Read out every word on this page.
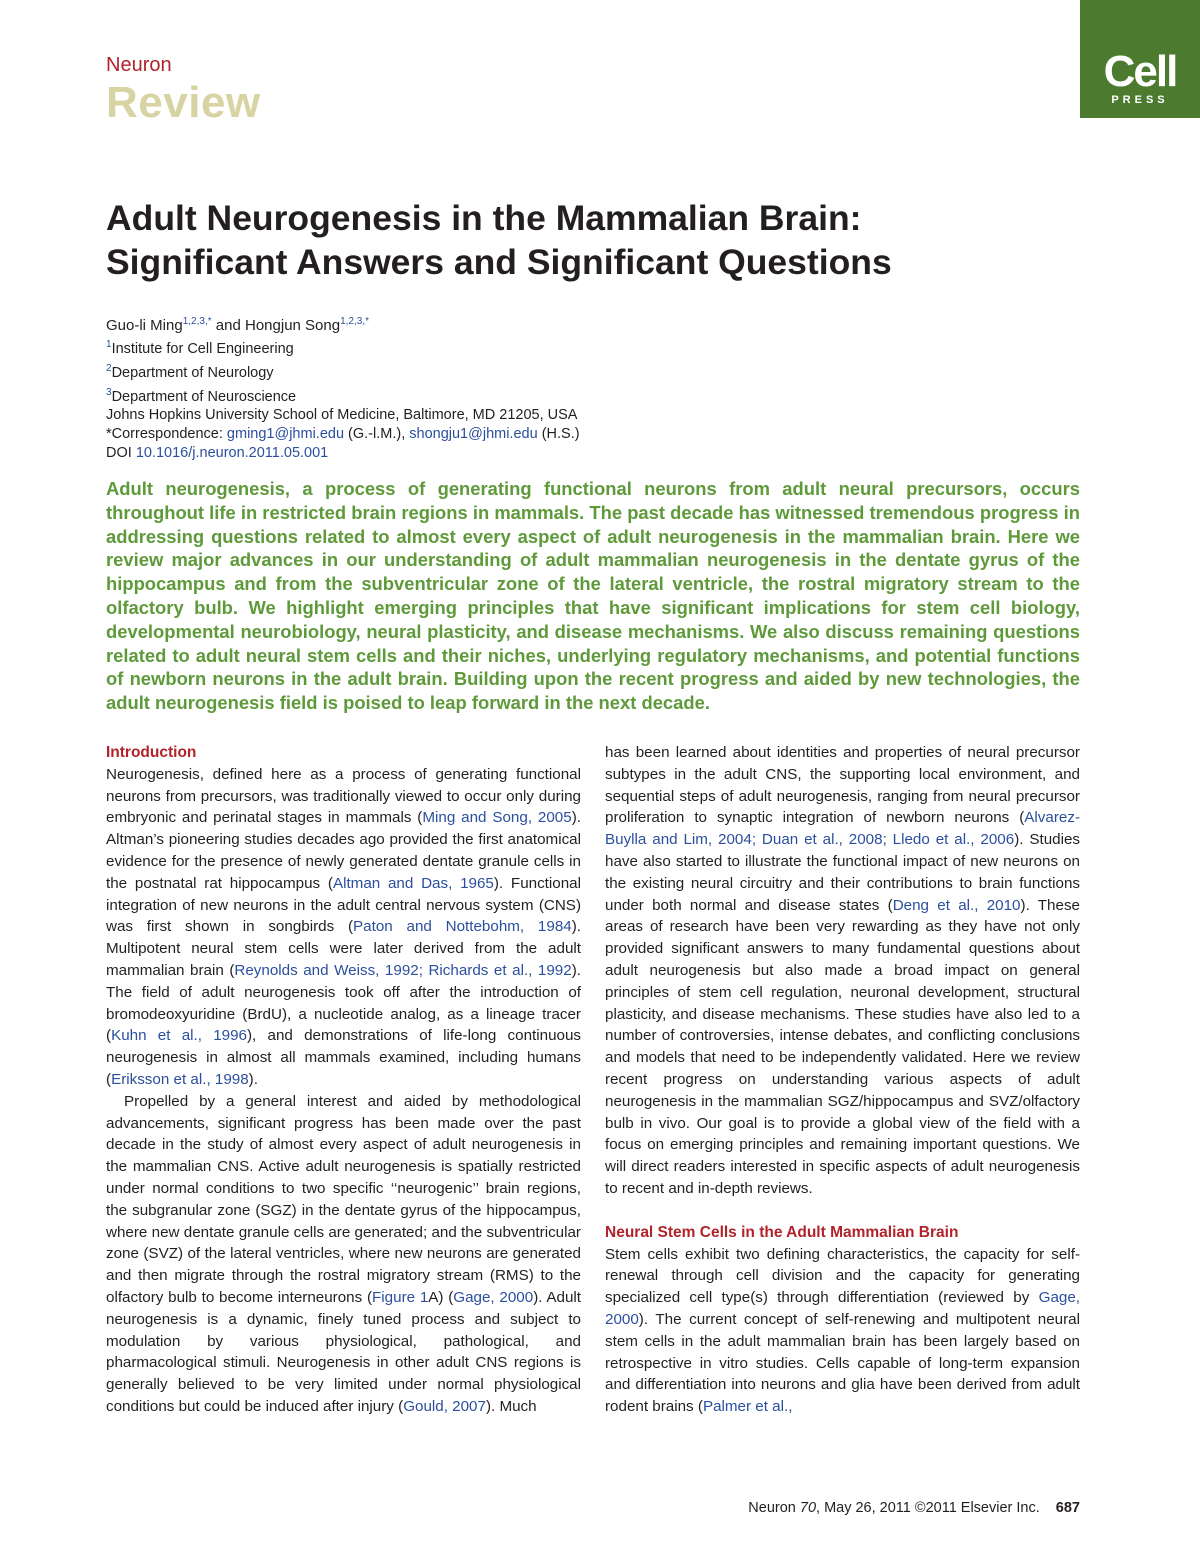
Neuron
Review
Cell
PRESS
Adult Neurogenesis in the Mammalian Brain:
Significant Answers and Significant Questions
Guo-li Ming$^{1,2,3,*}$ and Hongjun Song$^{1,2,3,*}$
$^1$Institute for Cell Engineering
$^2$Department of Neurology
$^3$Department of Neuroscience
Johns Hopkins University School of Medicine, Baltimore, MD 21205, USA
*Correspondence: gming1@jhmi.edu (G.-l.M.), shongju1@jhmi.edu (H.S.)
DOI 10.1016/j.neuron.2011.05.001

Adult neurogenesis, a process of generating functional neurons from adult neural precursors, occurs throughout life in restricted brain regions in mammals. The past decade has witnessed tremendous progress in addressing questions related to almost every aspect of adult neurogenesis in the mammalian brain. Here we review major advances in our understanding of adult mammalian neurogenesis in the dentate gyrus of the hippocampus and from the subventricular zone of the lateral ventricle, the rostral migratory stream to the olfactory bulb. We highlight emerging principles that have significant implications for stem cell biology, developmental neurobiology, neural plasticity, and disease mechanisms. We also discuss remaining questions related to adult neural stem cells and their niches, underlying regulatory mechanisms, and potential functions of newborn neurons in the adult brain. Building upon the recent progress and aided by new technologies, the adult neurogenesis field is poised to leap forward in the next decade.

Introduction

Neurogenesis, defined here as a process of generating functional neurons from precursors, was traditionally viewed to occur only during embryonic and perinatal stages in mammals (Ming and Song, 2005). Altman’s pioneering studies decades ago provided the first anatomical evidence for the presence of newly generated dentate granule cells in the postnatal rat hippocampus (Altman and Das, 1965). Functional integration of new neurons in the adult central nervous system (CNS) was first shown in songbirds (Paton and Nottebohm, 1984). Multipotent neural stem cells were later derived from the adult mammalian brain (Reynolds and Weiss, 1992; Richards et al., 1992). The field of adult neurogenesis took off after the introduction of bromodeoxyuridine (BrdU), a nucleotide analog, as a lineage tracer (Kuhn et al., 1996), and demonstrations of life-long continuous neurogenesis in almost all mammals examined, including humans (Eriksson et al., 1998).

Propelled by a general interest and aided by methodological advancements, significant progress has been made over the past decade in the study of almost every aspect of adult neurogenesis in the mammalian CNS. Active adult neurogenesis is spatially restricted under normal conditions to two specific ‘‘neurogenic’’ brain regions, the subgranular zone (SGZ) in the dentate gyrus of the hippocampus, where new dentate granule cells are generated; and the subventricular zone (SVZ) of the lateral ventricles, where new neurons are generated and then migrate through the rostral migratory stream (RMS) to the olfactory bulb to become interneurons (Figure 1A) (Gage, 2000). Adult neurogenesis is a dynamic, finely tuned process and subject to modulation by various physiological, pathological, and pharmacological stimuli. Neurogenesis in other adult CNS regions is generally believed to be very limited under normal physiological conditions but could be induced after injury (Gould, 2007). Much

has been learned about identities and properties of neural precursor subtypes in the adult CNS, the supporting local environment, and sequential steps of adult neurogenesis, ranging from neural precursor proliferation to synaptic integration of newborn neurons (Alvarez-Buylla and Lim, 2004; Duan et al., 2008; Lledo et al., 2006). Studies have also started to illustrate the functional impact of new neurons on the existing neural circuitry and their contributions to brain functions under both normal and disease states (Deng et al., 2010). These areas of research have been very rewarding as they have not only provided significant answers to many fundamental questions about adult neurogenesis but also made a broad impact on general principles of stem cell regulation, neuronal development, structural plasticity, and disease mechanisms. These studies have also led to a number of controversies, intense debates, and conflicting conclusions and models that need to be independently validated. Here we review recent progress on understanding various aspects of adult neurogenesis in the mammalian SGZ/hippocampus and SVZ/olfactory bulb in vivo. Our goal is to provide a global view of the field with a focus on emerging principles and remaining important questions. We will direct readers interested in specific aspects of adult neurogenesis to recent and in-depth reviews.

Neural Stem Cells in the Adult Mammalian Brain

Stem cells exhibit two defining characteristics, the capacity for self-renewal through cell division and the capacity for generating specialized cell type(s) through differentiation (reviewed by Gage, 2000). The current concept of self-renewing and multipotent neural stem cells in the adult mammalian brain has been largely based on retrospective in vitro studies. Cells capable of long-term expansion and differentiation into neurons and glia have been derived from adult rodent brains (Palmer et al.,

Neuron 70, May 26, 2011 ©2011 Elsevier Inc. 687
